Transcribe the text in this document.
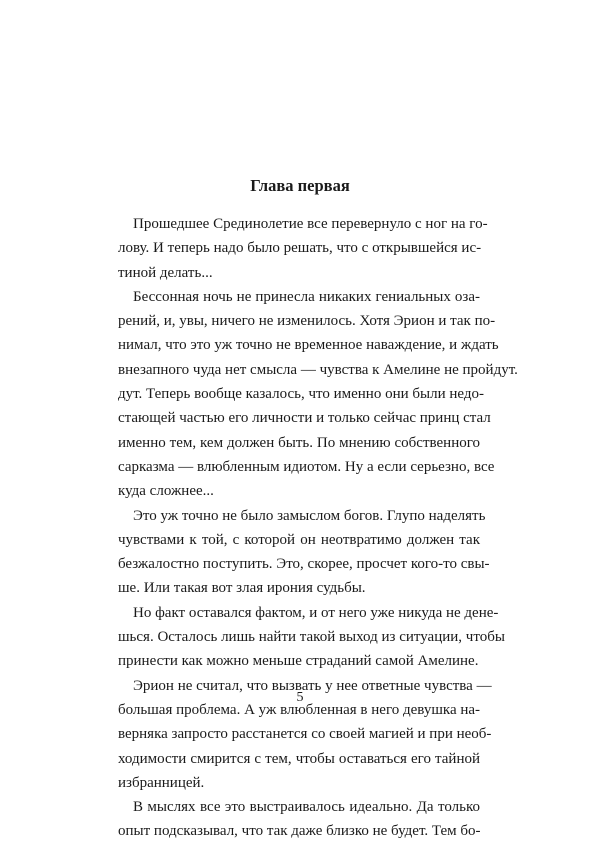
Глава первая
Прошедшее Срединолетие все перевернуло с ног на го-
лову. И теперь надо было решать, что с открывшейся ис-
тиной делать...
Бессонная ночь не принесла никаких гениальных оза-
рений, и, увы, ничего не изменилось. Хотя Эрион и так по-
нимал, что это уж точно не временное наваждение, и ждать
внезапного чуда нет смысла — чувства к Амелине не пройдут.
дут. Теперь вообще казалось, что именно они были недо-
стающей частью его личности и только сейчас принц стал
именно тем, кем должен быть. По мнению собственного
сарказма — влюбленным идиотом. Ну а если серьезно, все
куда сложнее...
Это уж точно не было замыслом богов. Глупо наделять
чувствами к той, с которой он неотвратимо должен так
безжалостно поступить. Это, скорее, просчет кого-то свы-
ше. Или такая вот злая ирония судьбы.
Но факт оставался фактом, и от него уже никуда не дене-
шься. Осталось лишь найти такой выход из ситуации, чтобы
принести как можно меньше страданий самой Амелине.
Эрион не считал, что вызвать у нее ответные чувства —
большая проблема. А уж влюбленная в него девушка на-
верняка запросто расстанется со своей магией и при необ-
ходимости смирится с тем, чтобы оставаться его тайной
избранницей.
В мыслях все это выстраивалось идеально. Да только
опыт подсказывал, что так даже близко не будет. Тем бо-
5
